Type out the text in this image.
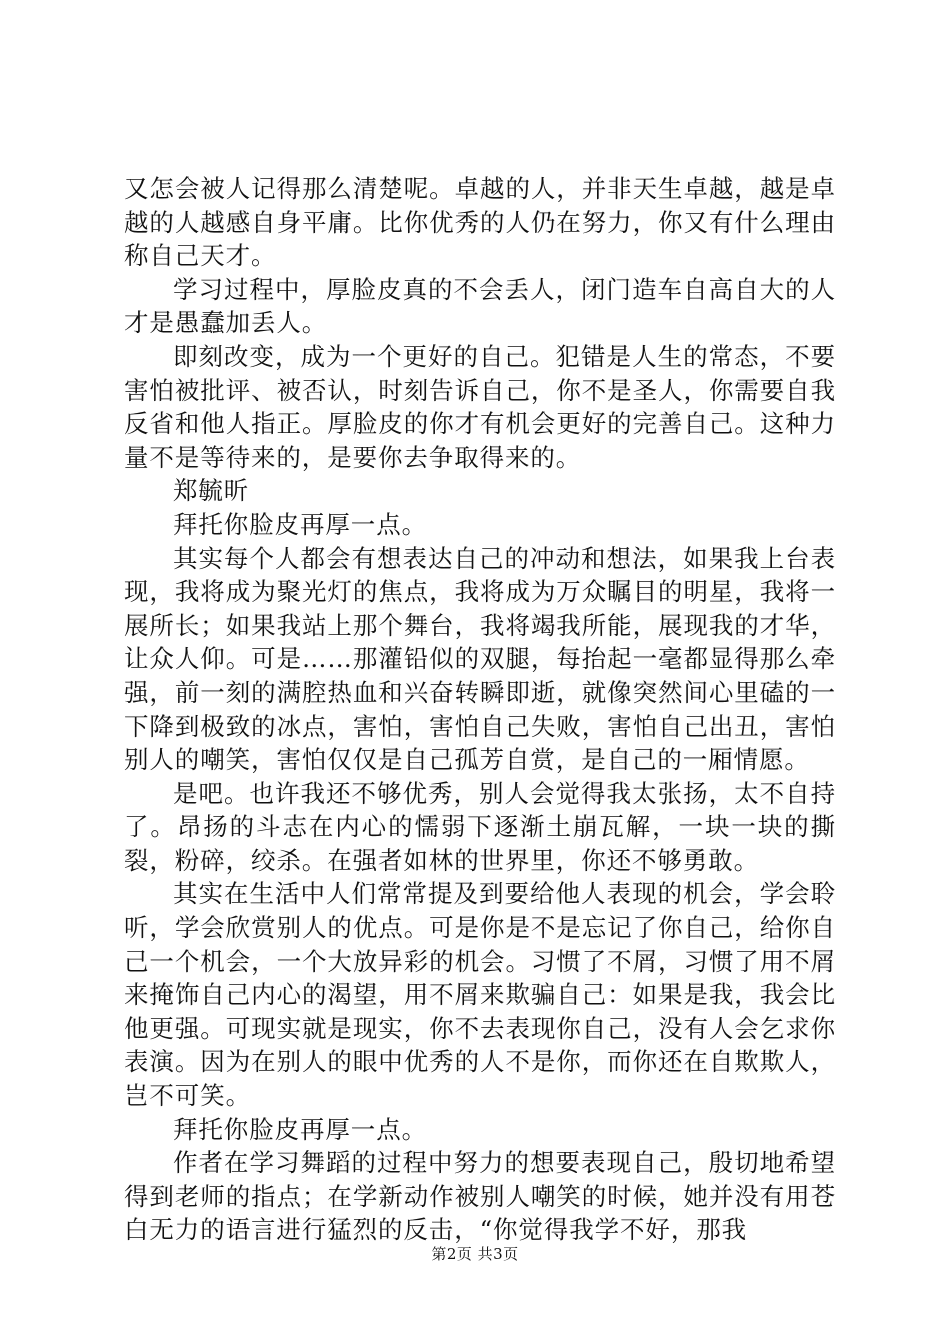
又怎会被人记得那么清楚呢。卓越的人，并非天生卓越，越是卓越的人越感自身平庸。比你优秀的人仍在努力，你又有什么理由称自己天才。

学习过程中，厚脸皮真的不会丢人，闭门造车自高自大的人才是愚蠢加丢人。

即刻改变，成为一个更好的自己。犯错是人生的常态，不要害怕被批评、被否认，时刻告诉自己，你不是圣人，你需要自我反省和他人指正。厚脸皮的你才有机会更好的完善自己。这种力量不是等待来的，是要你去争取得来的。

郑毓昕

拜托你脸皮再厚一点。

其实每个人都会有想表达自己的冲动和想法，如果我上台表现，我将成为聚光灯的焦点，我将成为万众瞩目的明星，我将一展所长；如果我站上那个舞台，我将竭我所能，展现我的才华，让众人仰。可是……那灌铅似的双腿，每抬起一毫都显得那么牵强，前一刻的满腔热血和兴奋转瞬即逝，就像突然间心里磕的一下降到极致的冰点，害怕，害怕自己失败，害怕自己出丑，害怕别人的嘲笑，害怕仅仅是自己孤芳自赏，是自己的一厢情愿。

是吧。也许我还不够优秀，别人会觉得我太张扬，太不自持了。昂扬的斗志在内心的懦弱下逐渐土崩瓦解，一块一块的撕裂，粉碎，绞杀。在强者如林的世界里，你还不够勇敢。

其实在生活中人们常常提及到要给他人表现的机会，学会聆听，学会欣赏别人的优点。可是你是不是忘记了你自己，给你自己一个机会，一个大放异彩的机会。习惯了不屑，习惯了用不屑来掩饰自己内心的渴望，用不屑来欺骗自己：如果是我，我会比他更强。可现实就是现实，你不去表现你自己，没有人会乞求你表演。因为在别人的眼中优秀的人不是你，而你还在自欺欺人，岂不可笑。

拜托你脸皮再厚一点。

作者在学习舞蹈的过程中努力的想要表现自己，殷切地希望得到老师的指点；在学新动作被别人嘲笑的时候，她并没有用苍白无力的语言进行猛烈的反击，“你觉得我学不好，那我

第2页 共3页
